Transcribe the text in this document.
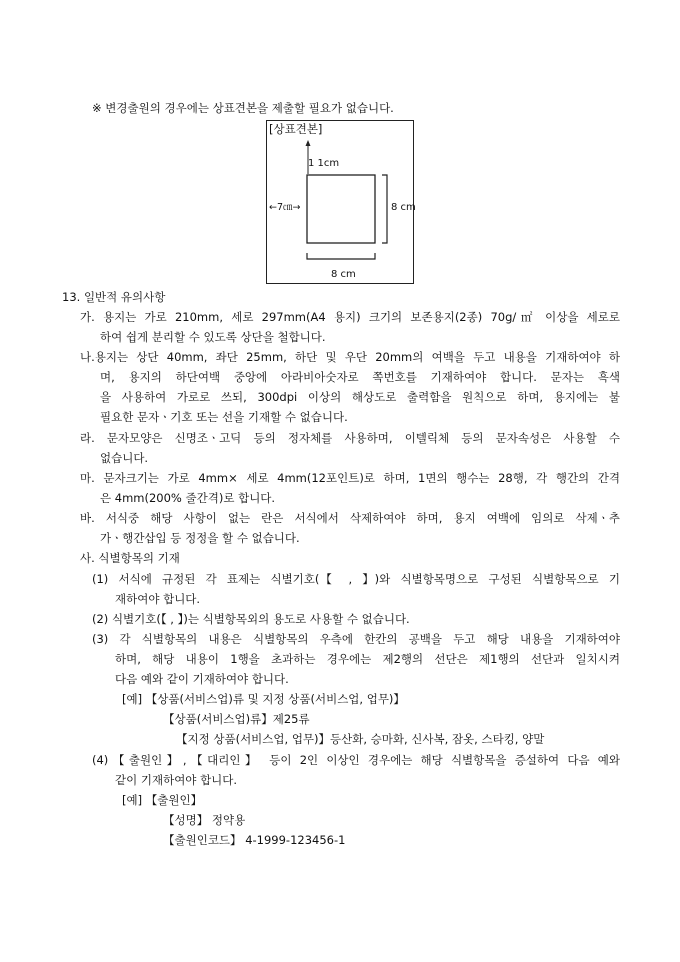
※ 변경출원의 경우에는 상표견본을 제출할 필요가 없습니다.
[상표견본]
1 1cm
←7㎝→	8 cm
8 cm
13. 일반적 유의사항
가. 용지는 가로 210mm, 세로 297mm(A4 용지) 크기의 보존용지(2종) 70g/㎡ 이상을 세로로
하여 쉽게 분리할 수 있도록 상단을 철합니다.
나.용지는 상단 40mm, 좌단 25mm, 하단 및 우단 20mm의 여백을 두고 내용을 기재하여야 하
며, 용지의 하단여백 중앙에 아라비아숫자로 쪽번호를 기재하여야 합니다. 문자는 흑색
을 사용하여 가로로 쓰되, 300dpi 이상의 해상도로 출력함을 원칙으로 하며, 용지에는 불
필요한 문자ㆍ기호 또는 선을 기재할 수 없습니다.
라. 문자모양은 신명조ㆍ고딕 등의 정자체를 사용하며, 이텔릭체 등의 문자속성은 사용할 수
없습니다.
마. 문자크기는 가로 4mm× 세로 4mm(12포인트)로 하며, 1면의 행수는 28행, 각 행간의 간격
은 4mm(200% 줄간격)로 합니다.
바. 서식중 해당 사항이 없는 란은 서식에서 삭제하여야 하며, 용지 여백에 임의로 삭제ㆍ추
가ㆍ행간삽입 등 정정을 할 수 없습니다.
사. 식별항목의 기재
(1) 서식에 규정된 각 표제는 식별기호(【 , 】)와 식별항목명으로 구성된 식별항목으로 기
재하여야 합니다.
(2) 식별기호(【 , 】)는 식별항목외의 용도로 사용할 수 없습니다.
(3) 각 식별항목의 내용은 식별항목의 우측에 한칸의 공백을 두고 해당 내용을 기재하여야
하며, 해당 내용이 1행을 초과하는 경우에는 제2행의 선단은 제1행의 선단과 일치시켜
다음 예와 같이 기재하여야 합니다.
[예] 【상품(서비스업)류 및 지정 상품(서비스업, 업무)】
【상품(서비스업)류】제25류
【지정 상품(서비스업, 업무)】등산화, 승마화, 신사복, 잠옷, 스타킹, 양말
(4)【출원인】,【대리인】 등이 2인 이상인 경우에는 해당 식별항목을 증설하여 다음 예와
같이 기재하여야 합니다.
[예] 【출원인】
【성명】 정약용
【출원인코드】 4-1999-123456-1
